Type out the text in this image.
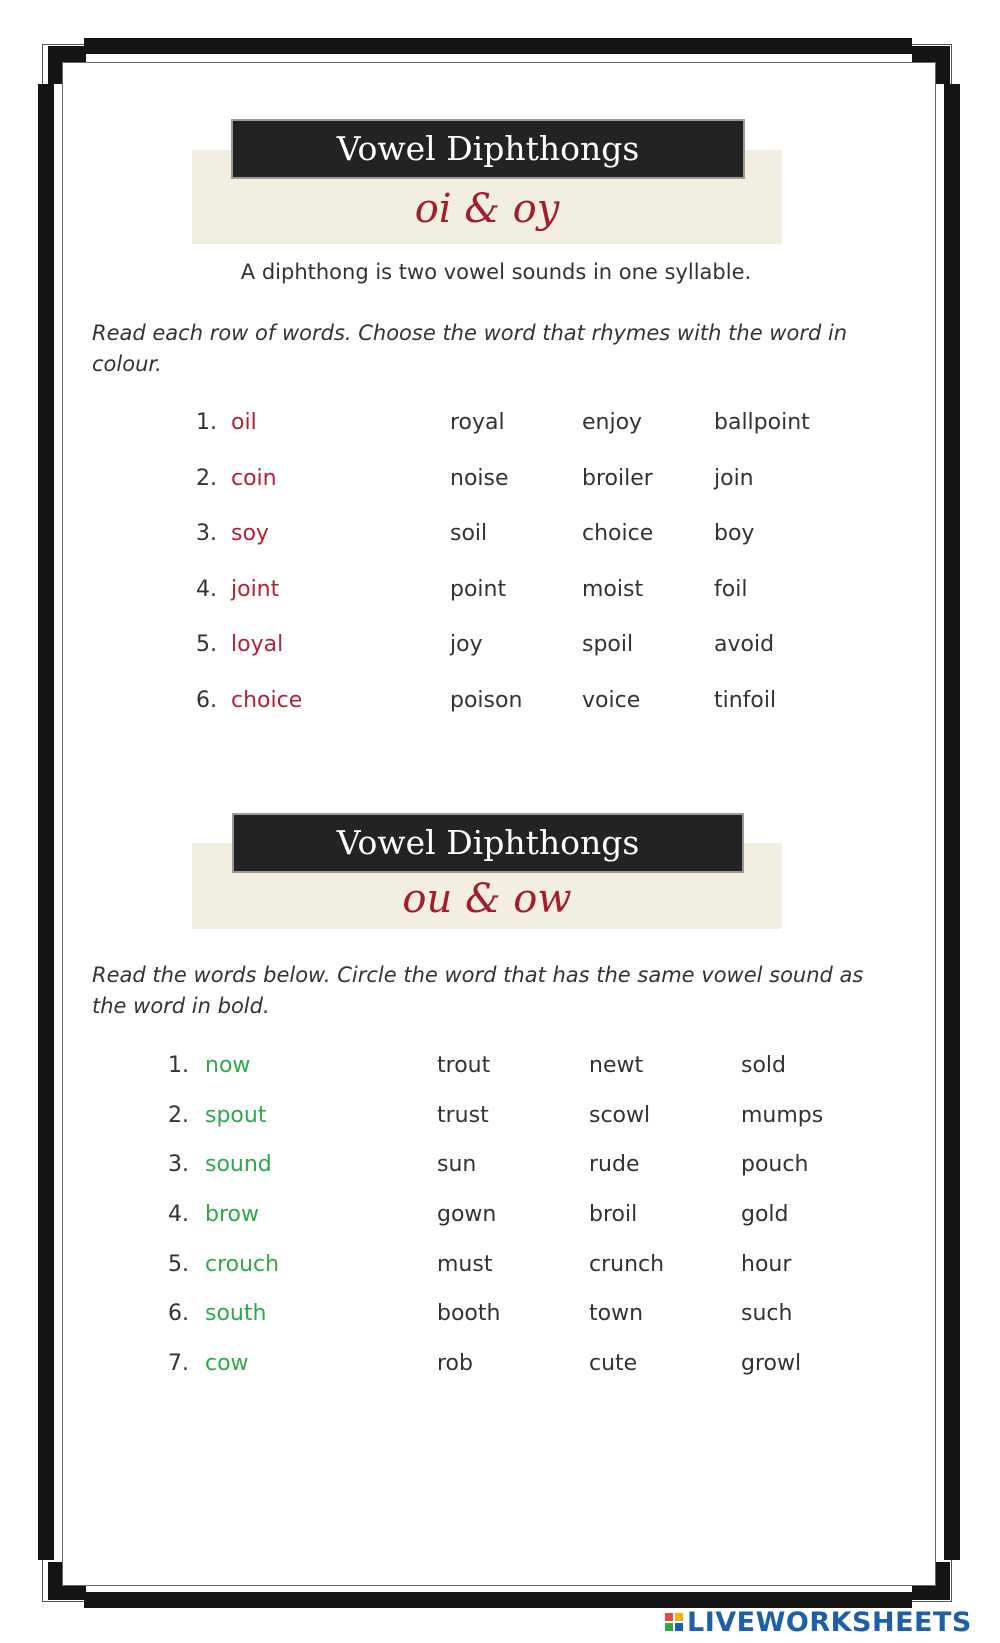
Vowel Diphthongs
oi & oy
A diphthong is two vowel sounds in one syllable.
Read each row of words. Choose the word that rhymes with the word in colour.
1. oil	royal	enjoy	ballpoint
2. coin	noise	broiler	join
3. soy	soil	choice	boy
4. joint	point	moist	foil
5. loyal	joy	spoil	avoid
6. choice	poison	voice	tinfoil
Vowel Diphthongs
ou & ow
Read the words below. Circle the word that has the same vowel sound as the word in bold.
1. now	trout	newt	sold
2. spout	trust	scowl	mumps
3. sound	sun	rude	pouch
4. brow	gown	broil	gold
5. crouch	must	crunch	hour
6. south	booth	town	such
7. cow	rob	cute	growl
LIVEWORKSHEETS
